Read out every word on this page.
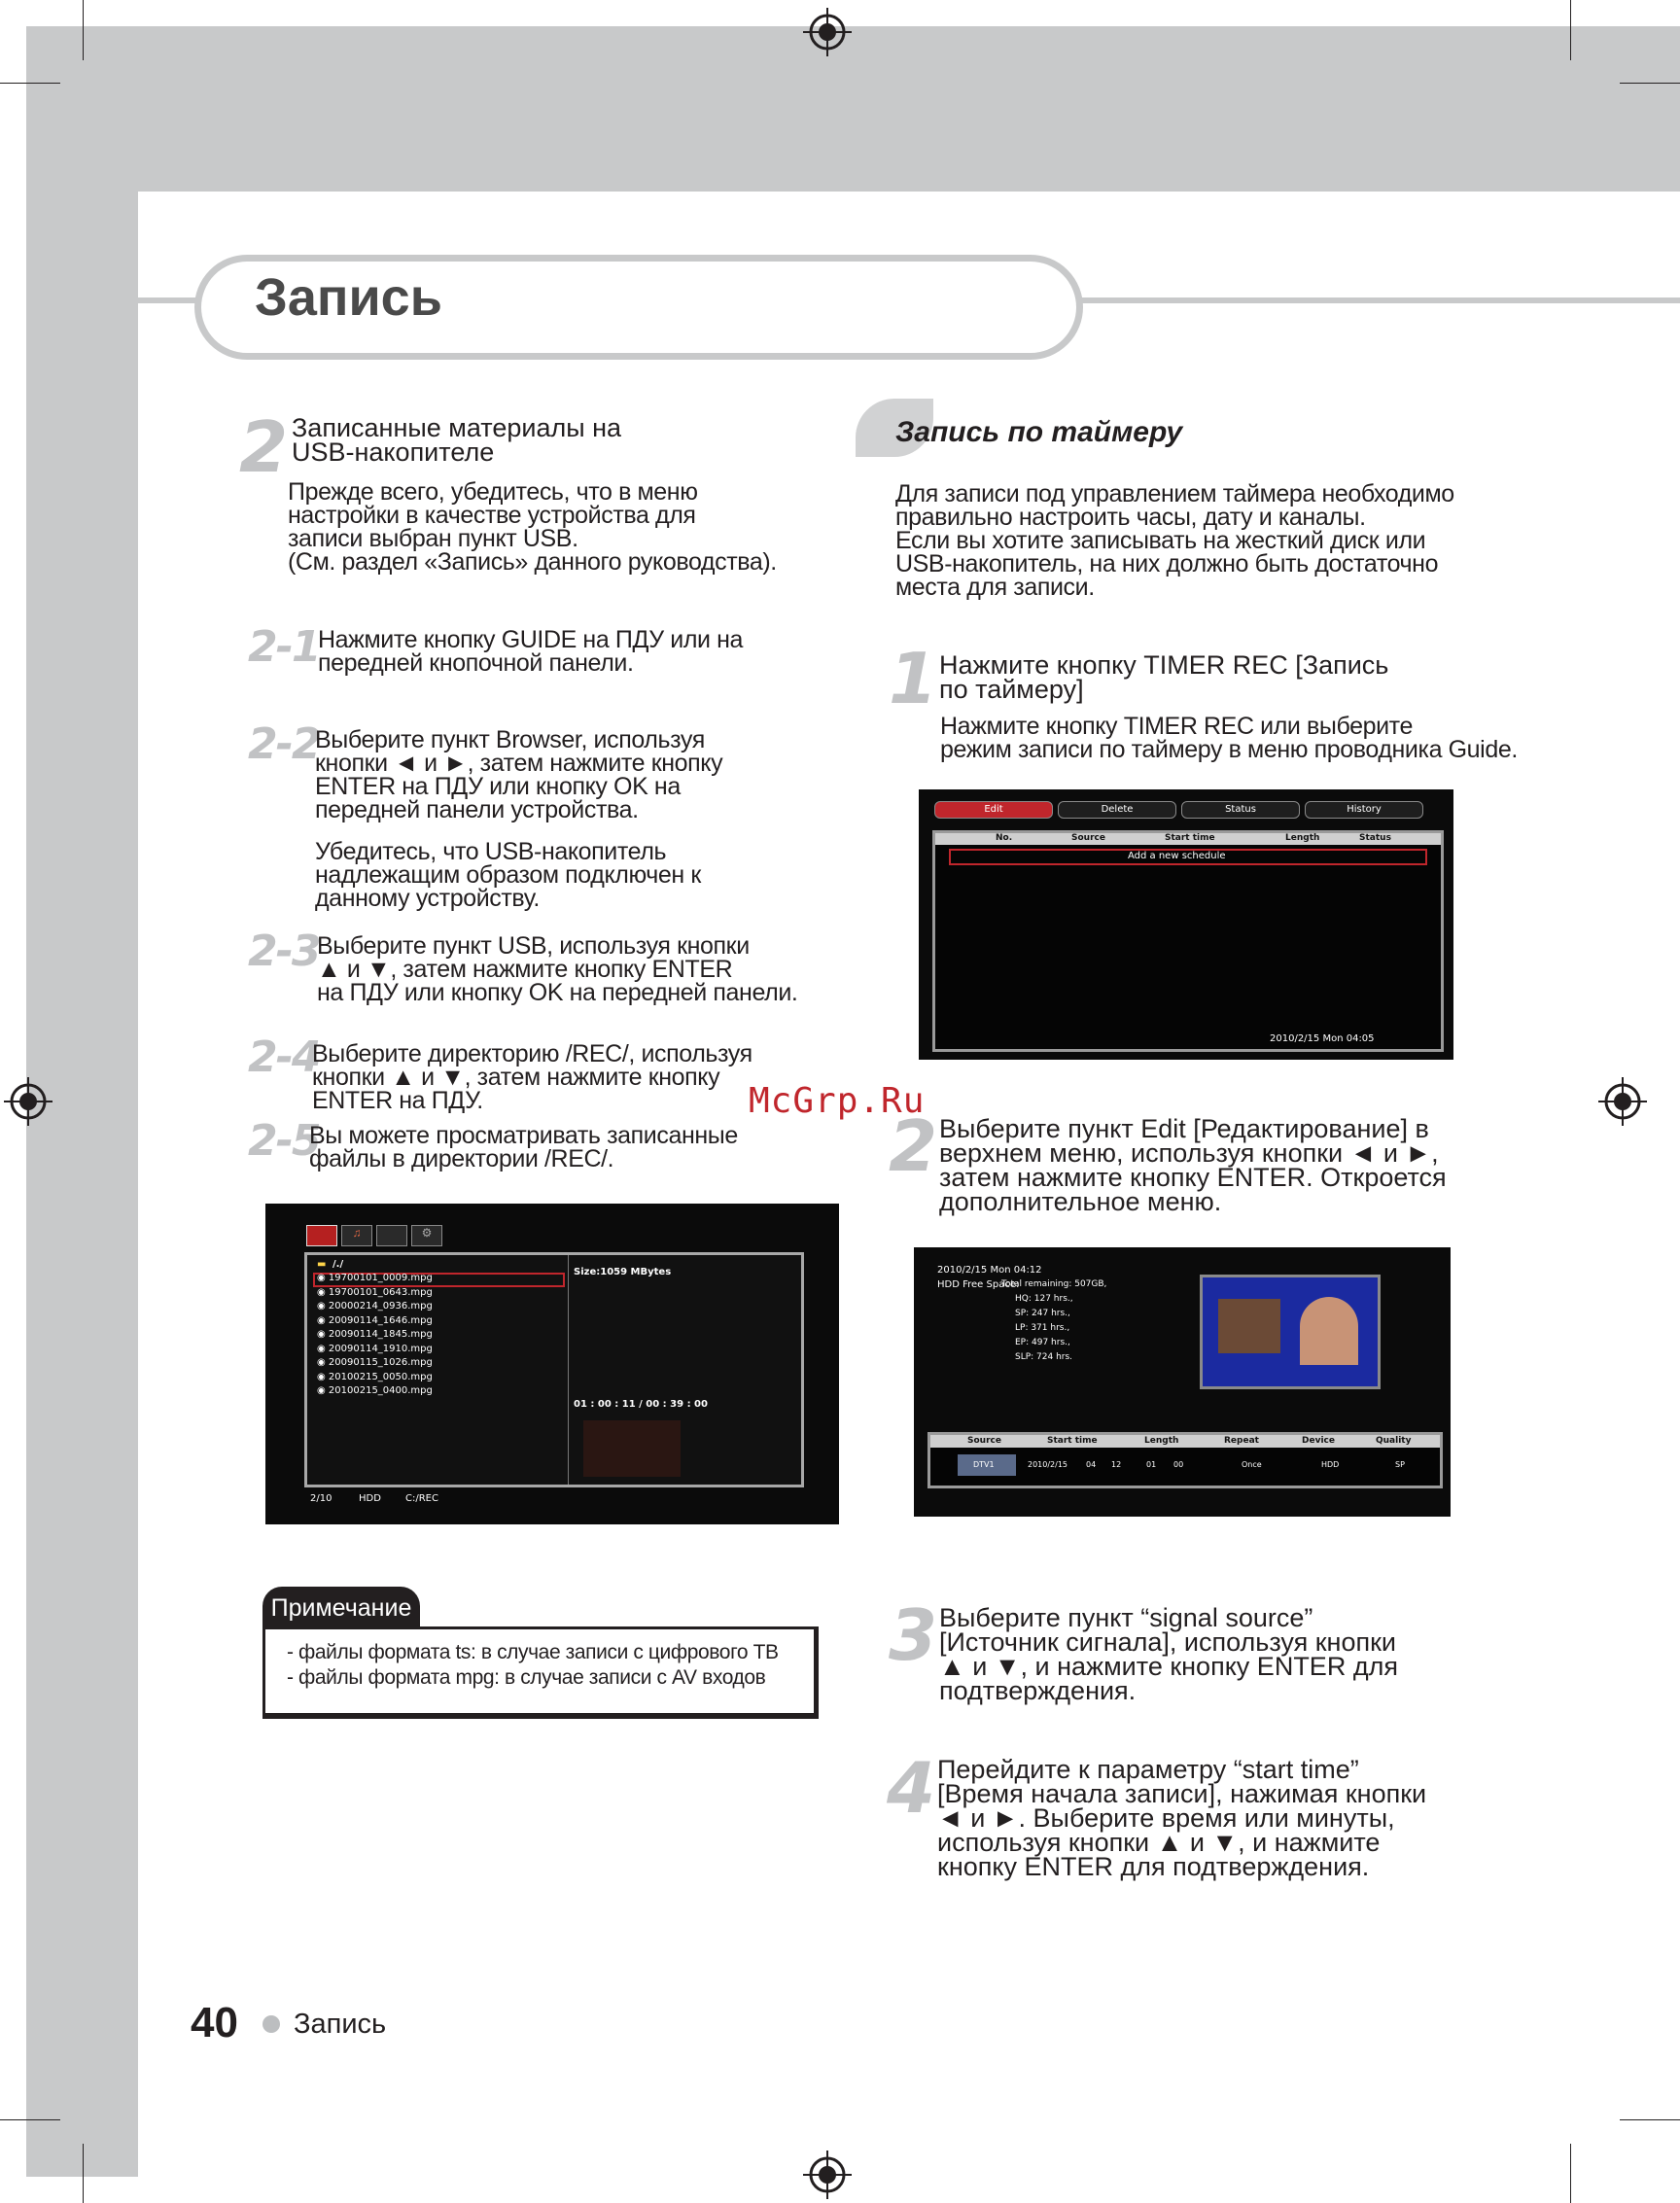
Запись
2 Записанные материалы на
USB-накопителе
Прежде всего, убедитесь, что в меню
настройки в качестве устройства для
записи выбран пункт USB.
(См. раздел «Запись» данного руководства).
2-1
Нажмите кнопку GUIDE на ПДУ или на
передней кнопочной панели.
2-2
Выберите пункт Browser, используя
кнопки ◄ и ►, затем нажмите кнопку
ENTER на ПДУ или кнопку OK на
передней панели устройства.
Убедитесь, что USB-накопитель
надлежащим образом подключен к
данному устройству.
2-3
Выберите пункт USB, используя кнопки
▲ и ▼, затем нажмите кнопку ENTER
на ПДУ или кнопку OK на передней панели.
2-4
Выберите директорию /REC/, используя
кнопки ▲ и ▼, затем нажмите кнопку
ENTER на ПДУ.
2-5
Вы можете просматривать записанные
файлы в директории /REC/.
♫	⚙
▬ /./
◉ 19700101_0009.mpg
◉ 19700101_0643.mpg
◉ 20000214_0936.mpg
◉ 20090114_1646.mpg
◉ 20090114_1845.mpg
◉ 20090114_1910.mpg
◉ 20090115_1026.mpg
◉ 20100215_0050.mpg
◉ 20100215_0400.mpg
Size:1059 MBytes
01 : 00 : 11 / 00 : 39 : 00
2/10	HDD	C:/REC
Примечание
- файлы формата ts: в случае записи с цифрового ТВ
- файлы формата mpg: в случае записи с AV входов
Запись по таймеру
Для записи под управлением таймера необходимо
правильно настроить часы, дату и каналы.
Если вы хотите записывать на жесткий диск или
USB-накопитель, на них должно быть достаточно
места для записи.
1 Нажмите кнопку TIMER REC [Запись
по таймеру]
Нажмите кнопку TIMER REC или выберите
режим записи по таймеру в меню проводника Guide.
Edit	Delete	Status	History
No.	Source	Start time	Length	Status
Add a new schedule
2010/2/15 Mon 04:05
McGrp.Ru
2 Выберите пункт Edit [Редактирование] в
верхнем меню, используя кнопки ◄ и ►,
затем нажмите кнопку ENTER. Откроется
дополнительное меню.
2010/2/15 Mon 04:12
HDD Free Space:
Total remaining: 507GB,
HQ: 127 hrs.,
SP: 247 hrs.,
LP: 371 hrs.,
EP: 497 hrs.,
SLP: 724 hrs.
Source	Start time	Length	Repeat	Device	Quality
DTV1	2010/2/15 04 12	01 00	Once	HDD	SP
3 Выберите пункт “signal source”
[Источник сигнала], используя кнопки
▲ и ▼, и нажмите кнопку ENTER для
подтверждения.
4 Перейдите к параметру “start time”
[Время начала записи], нажимая кнопки
◄ и ►. Выберите время или минуты,
используя кнопки ▲ и ▼, и нажмите
кнопку ENTER для подтверждения.
40 Запись
